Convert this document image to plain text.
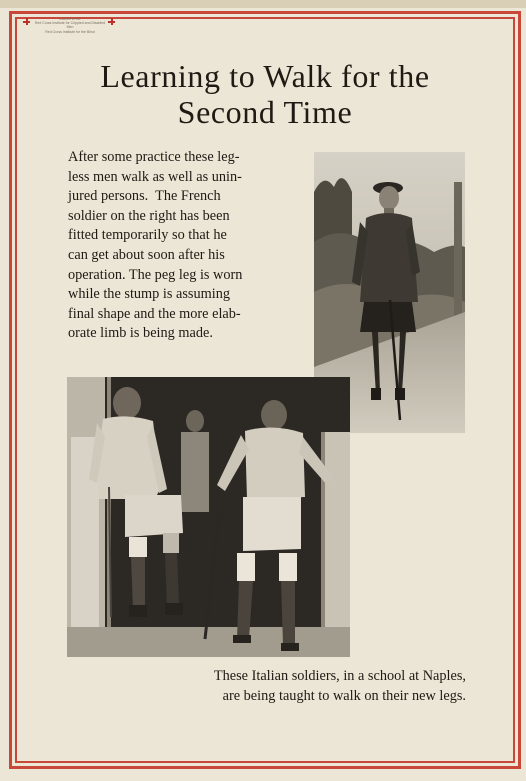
Bulletin of the
Red Cross Institute for Crippled and Disabled Men
Red Cross Institute for the Blind
Learning to Walk for the
Second Time

After some practice these leg-
less men walk as well as unin-
jured persons.  The French
soldier on the right has been
fitted temporarily so that he
can get about soon after his
operation. The peg leg is worn
while the stump is assuming
final shape and the more elab-
orate limb is being made.

These Italian soldiers, in a school at Naples,
are being taught to walk on their new legs.
